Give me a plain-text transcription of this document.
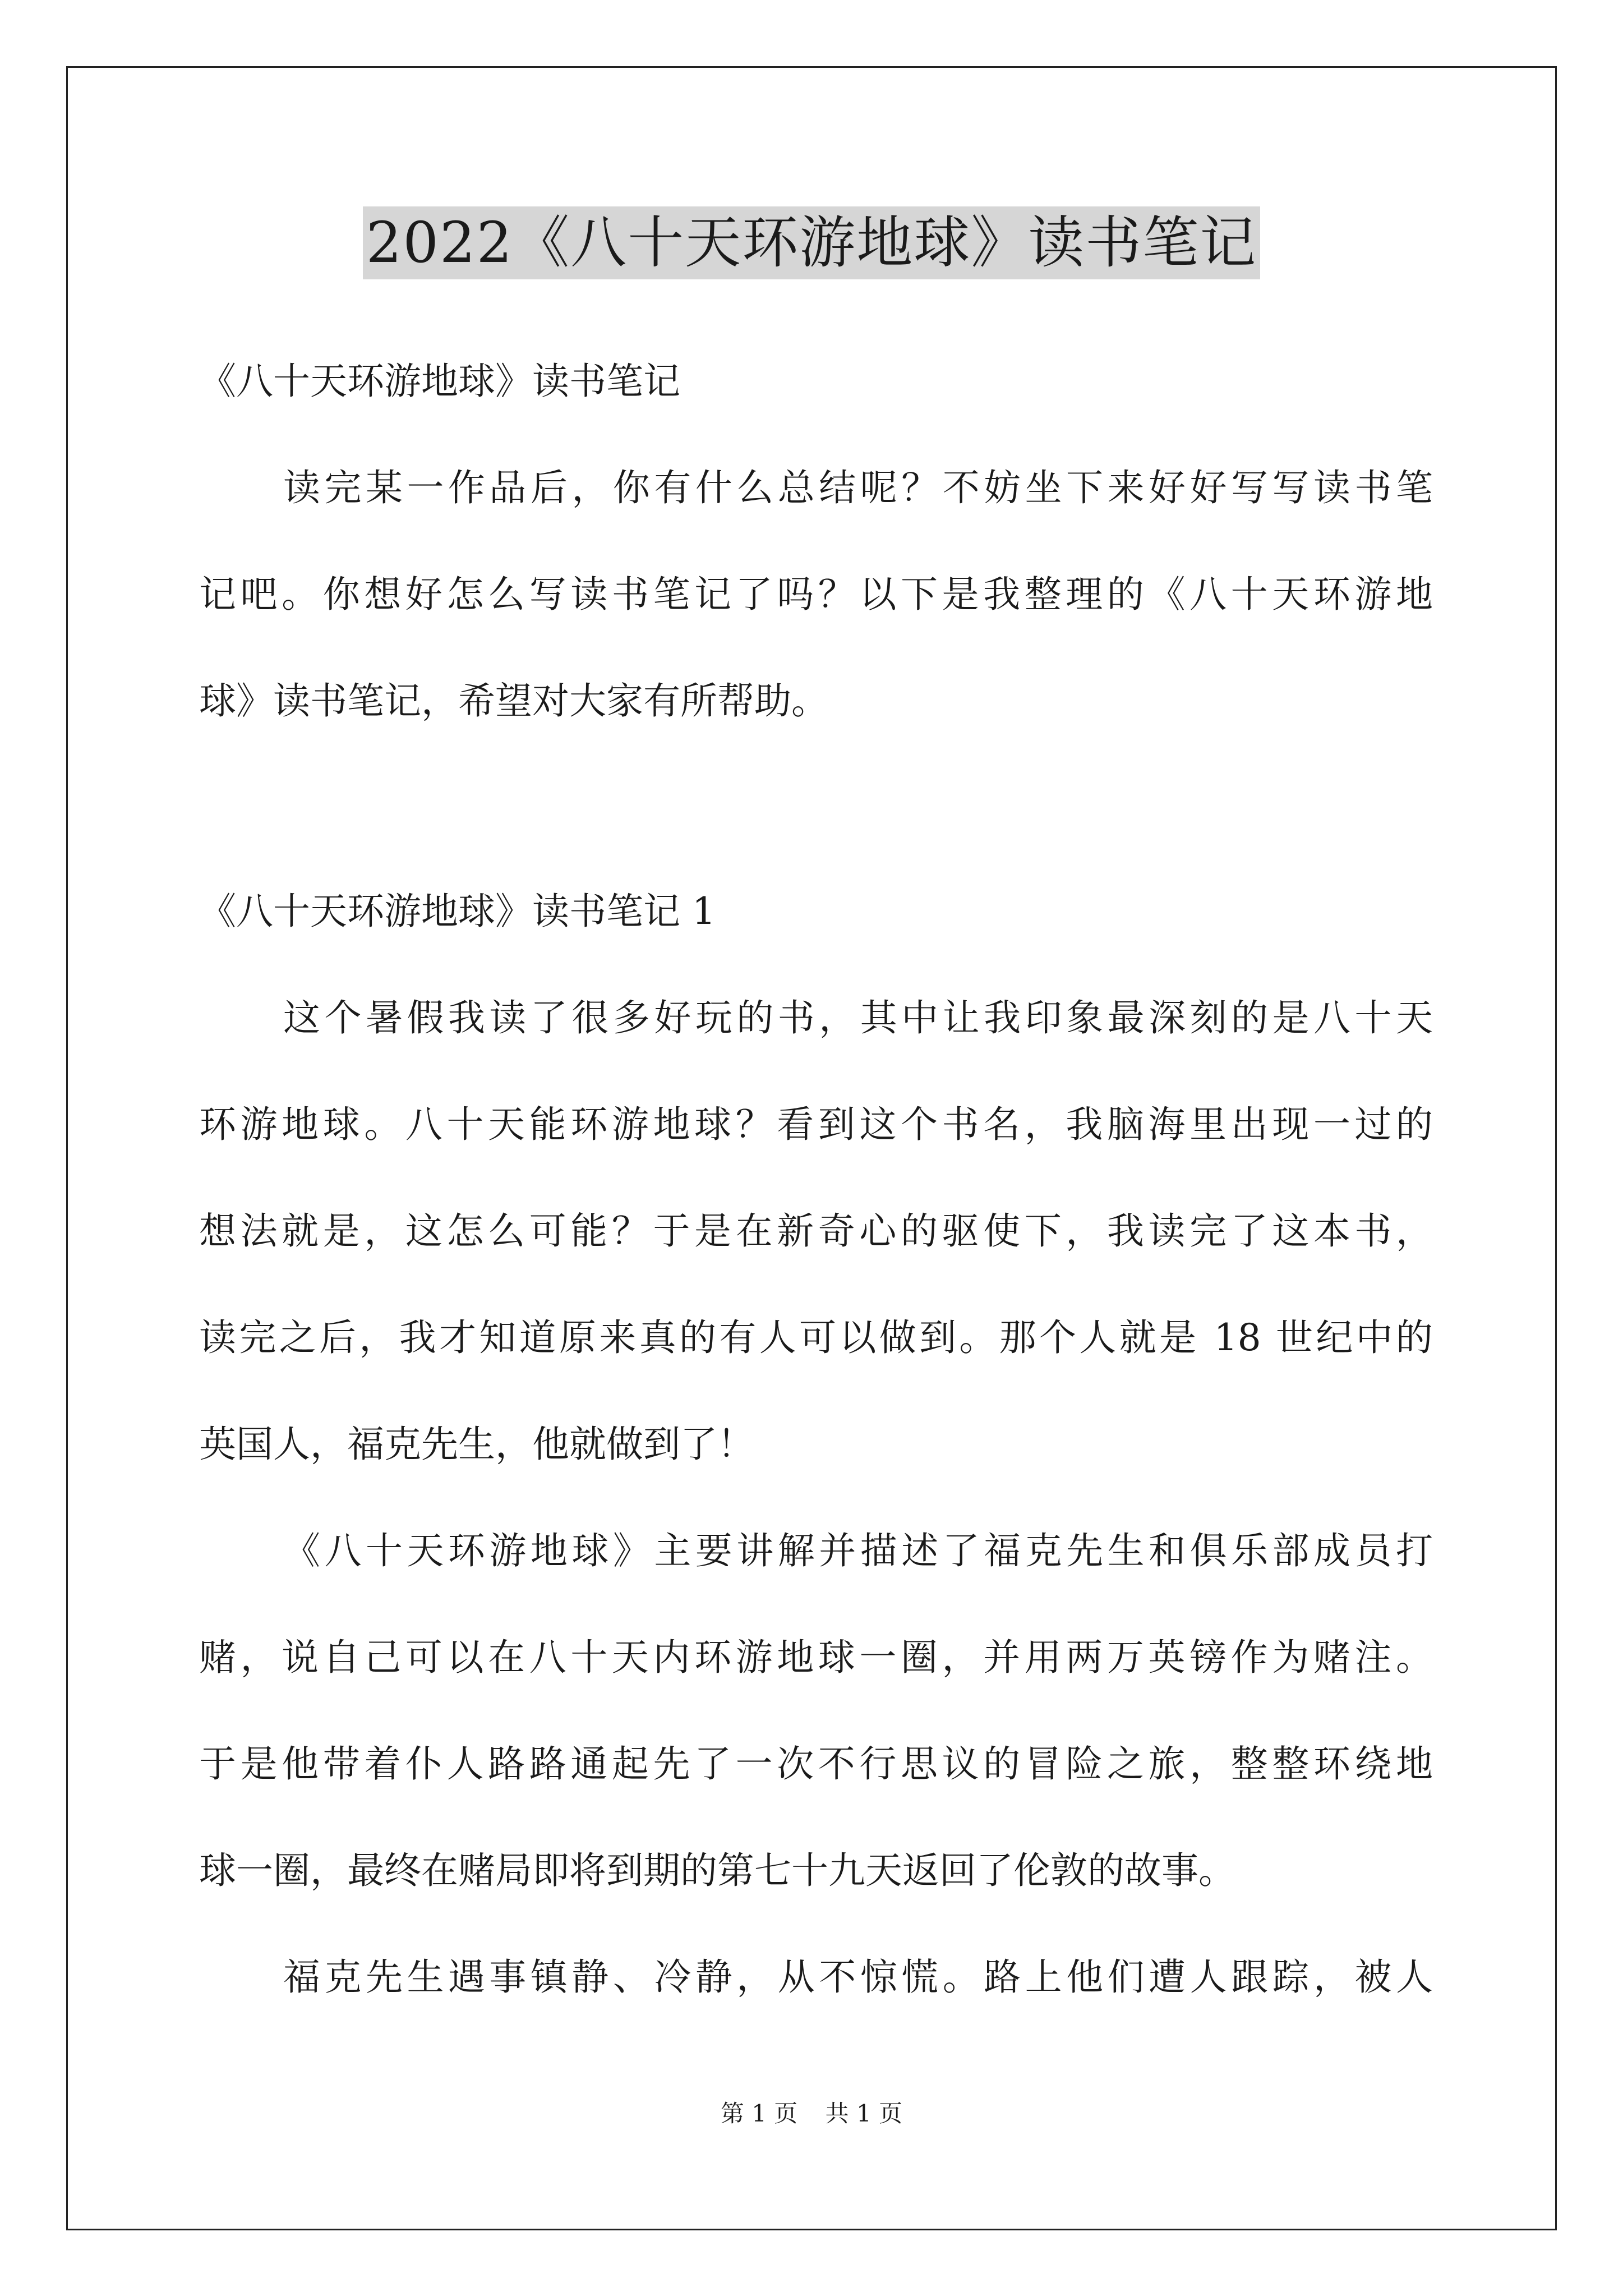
2022《八十天环游地球》读书笔记
《八十天环游地球》读书笔记
读完某一作品后，你有什么总结呢？不妨坐下来好好写写读书笔
记吧。你想好怎么写读书笔记了吗？以下是我整理的《八十天环游地
球》读书笔记，希望对大家有所帮助。
《八十天环游地球》读书笔记 1
这个暑假我读了很多好玩的书，其中让我印象最深刻的是八十天
环游地球。八十天能环游地球？看到这个书名，我脑海里出现一过的
想法就是，这怎么可能？于是在新奇心的驱使下，我读完了这本书，
读完之后，我才知道原来真的有人可以做到。那个人就是 18 世纪中的
英国人，福克先生，他就做到了！
《八十天环游地球》主要讲解并描述了福克先生和俱乐部成员打
赌，说自己可以在八十天内环游地球一圈，并用两万英镑作为赌注。
于是他带着仆人路路通起先了一次不行思议的冒险之旅，整整环绕地
球一圈，最终在赌局即将到期的第七十九天返回了伦敦的故事。
福克先生遇事镇静、冷静，从不惊慌。路上他们遭人跟踪，被人
第 1 页 共 1 页
